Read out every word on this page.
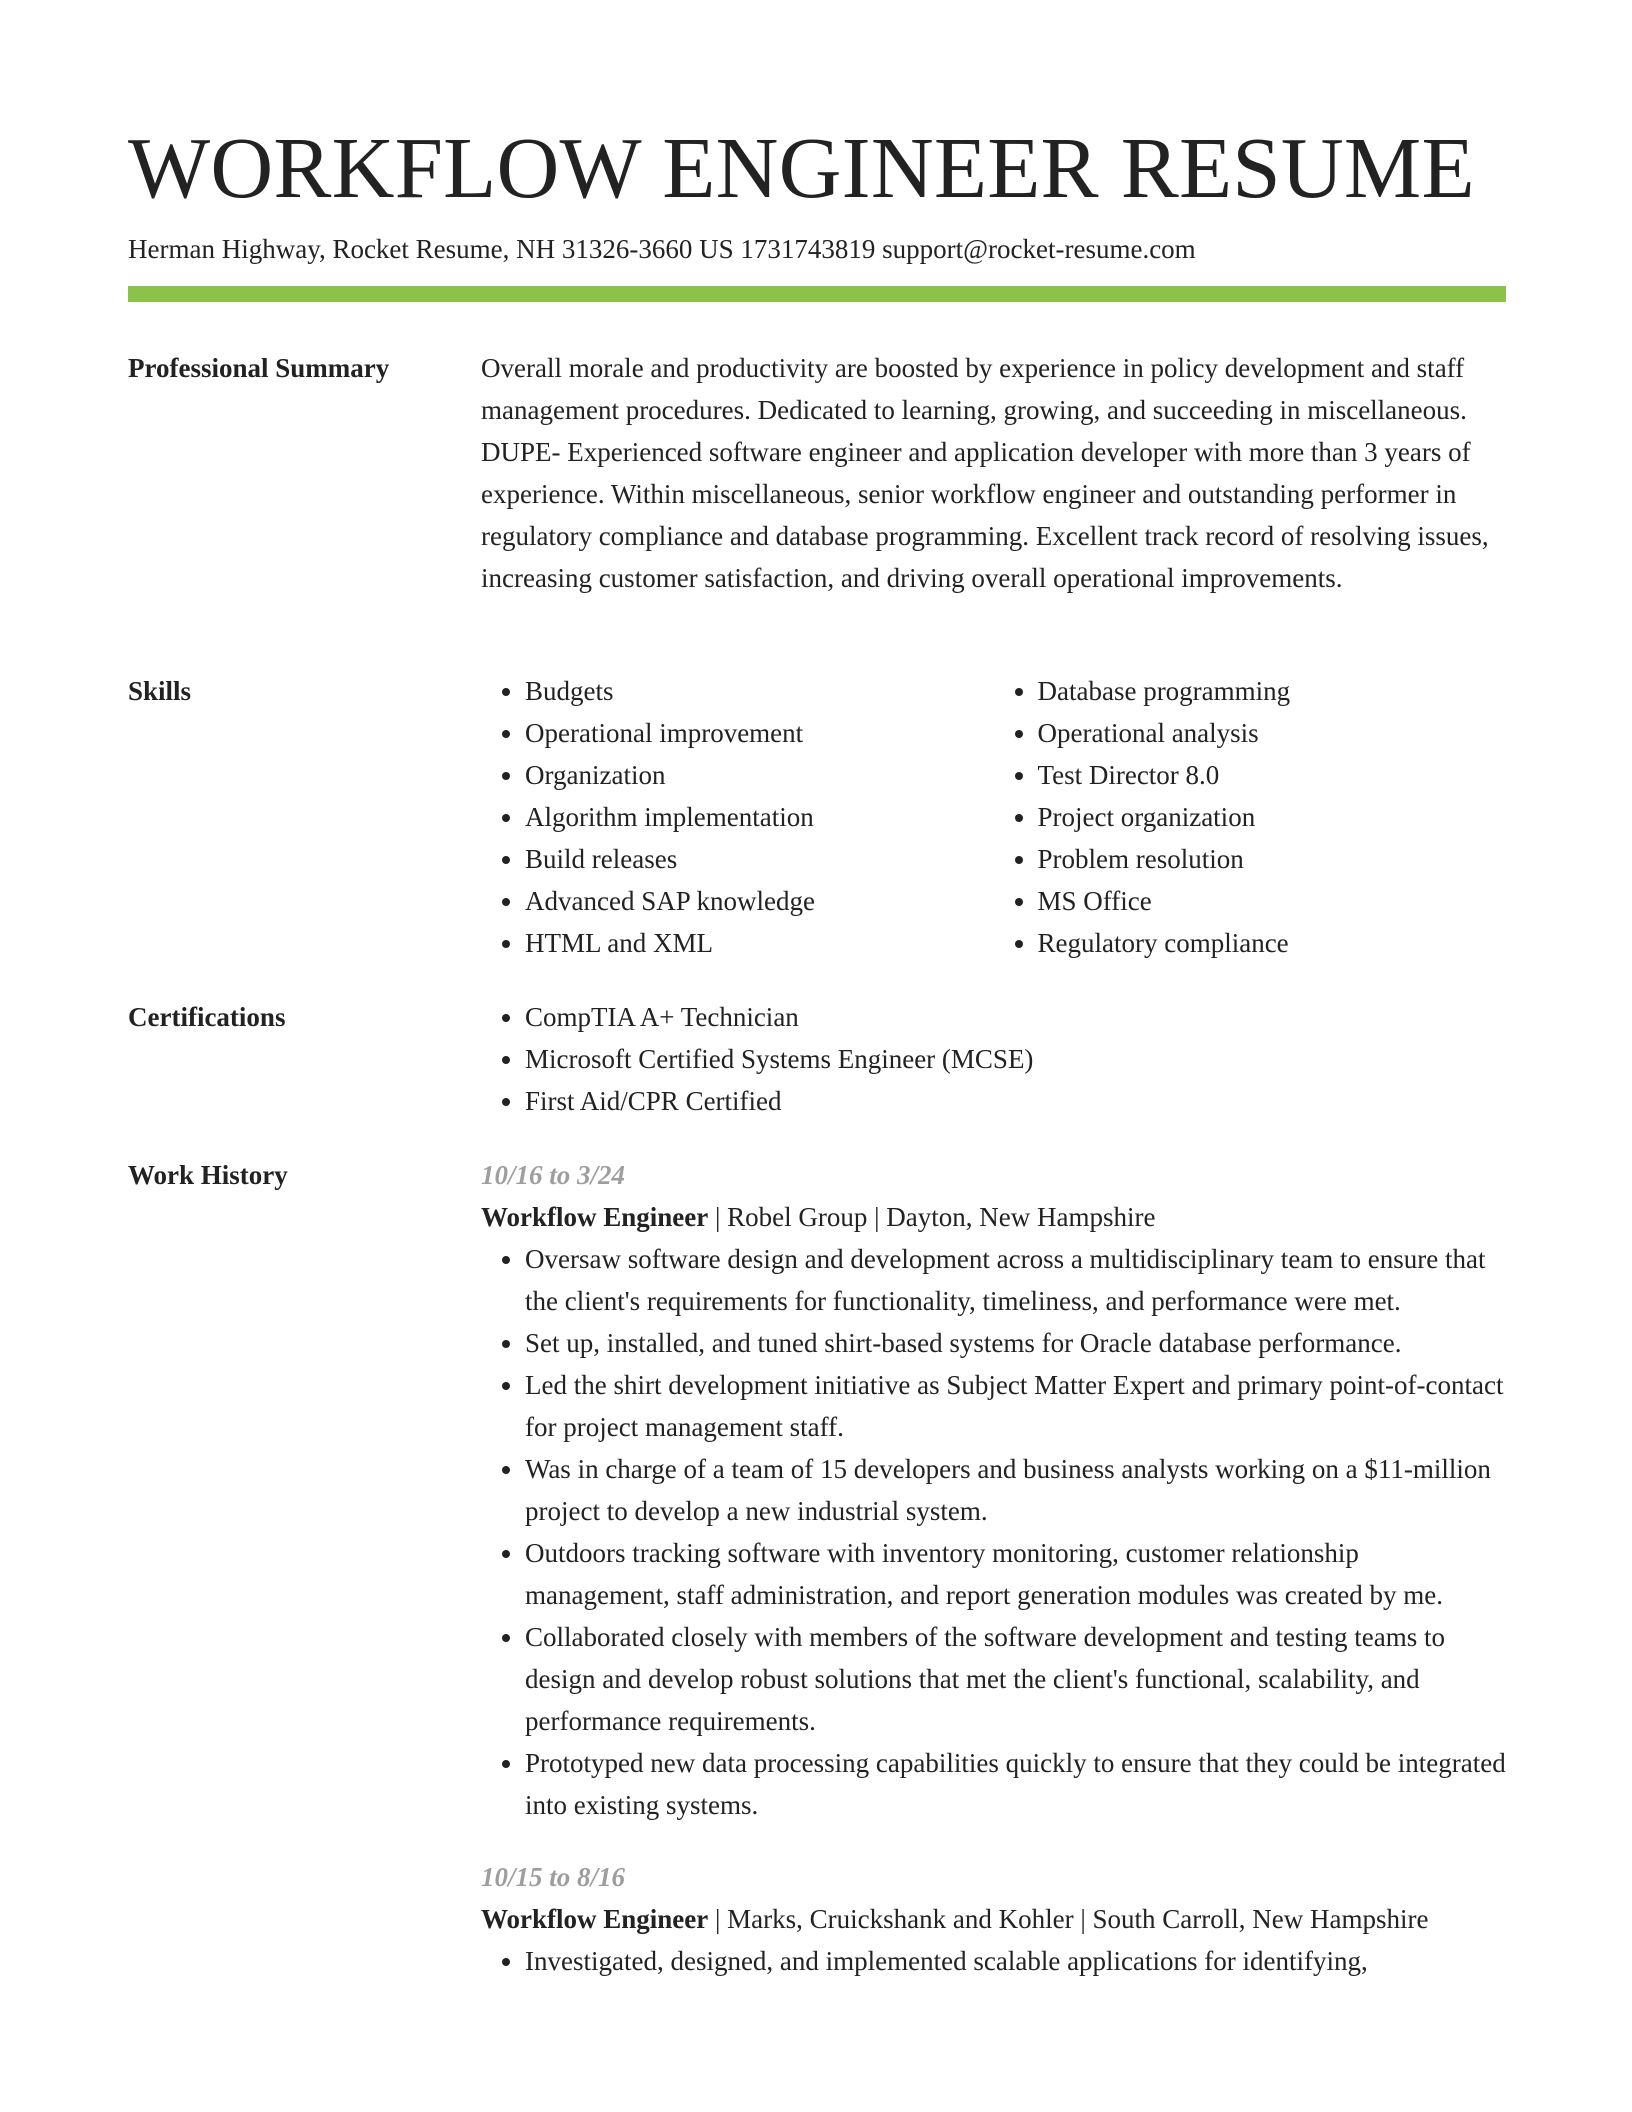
WORKFLOW ENGINEER RESUME
Herman Highway, Rocket Resume, NH 31326-3660 US 1731743819 support@rocket-resume.com
Professional Summary	Overall morale and productivity are boosted by experience in policy development and staff management procedures. Dedicated to learning, growing, and succeeding in miscellaneous. DUPE- Experienced software engineer and application developer with more than 3 years of experience. Within miscellaneous, senior workflow engineer and outstanding performer in regulatory compliance and database programming. Excellent track record of resolving issues, increasing customer satisfaction, and driving overall operational improvements.

Skills	• Budgets
• Operational improvement
• Organization
• Algorithm implementation
• Build releases
• Advanced SAP knowledge
• HTML and XML
• Database programming
• Operational analysis
• Test Director 8.0
• Project organization
• Problem resolution
• MS Office
• Regulatory compliance
Certifications	• CompTIA A+ Technician
• Microsoft Certified Systems Engineer (MCSE)
• First Aid/CPR Certified
Work History	10/16 to 3/24
Workflow Engineer | Robel Group | Dayton, New Hampshire
• Oversaw software design and development across a multidisciplinary team to ensure that the client's requirements for functionality, timeliness, and performance were met.
• Set up, installed, and tuned shirt-based systems for Oracle database performance.
• Led the shirt development initiative as Subject Matter Expert and primary point-of-contact for project management staff.
• Was in charge of a team of 15 developers and business analysts working on a $11-million project to develop a new industrial system.
• Outdoors tracking software with inventory monitoring, customer relationship management, staff administration, and report generation modules was created by me.
• Collaborated closely with members of the software development and testing teams to design and develop robust solutions that met the client's functional, scalability, and performance requirements.
• Prototyped new data processing capabilities quickly to ensure that they could be integrated into existing systems.
10/15 to 8/16
Workflow Engineer | Marks, Cruickshank and Kohler | South Carroll, New Hampshire
• Investigated, designed, and implemented scalable applications for identifying,
